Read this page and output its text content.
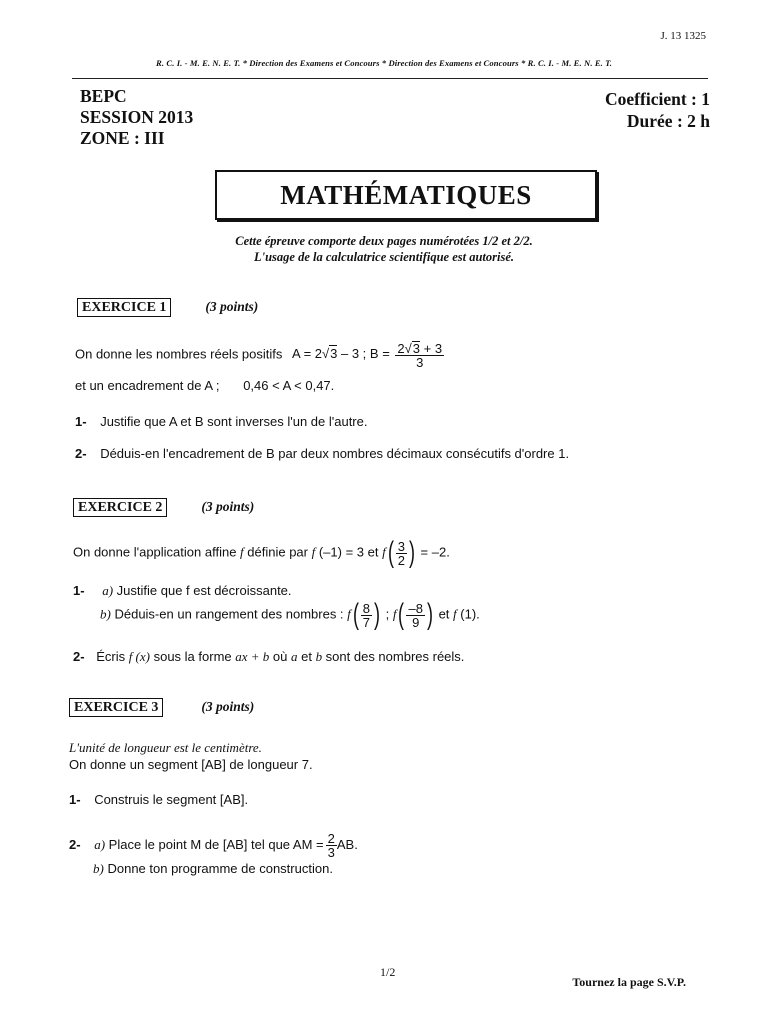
J. 13 1325
R. C. I. - M. E. N. E. T. * Direction des Examens et Concours * Direction des Examens et Concours * R. C. I. - M. E. N. E. T.
BEPC
SESSION 2013
ZONE : III
Coefficient : 1
Durée : 2 h
MATHÉMATIQUES
Cette épreuve comporte deux pages numérotées 1/2 et 2/2.
L'usage de la calculatrice scientifique est autorisé.
EXERCICE 1	(3 points)
On donne les nombres réels positifs A = 2√3 – 3 ; $B = \frac{2√3 + 3}{3}$
et un encadrement de A ; 0,46 < A < 0,47.
1- Justifie que A et B sont inverses l'un de l'autre.
2- Déduis-en l'encadrement de B par deux nombres décimaux consécutifs d'ordre 1.
EXERCICE 2	(3 points)
On donne l'application affine f définie par f (–1) = 3 et $f( \frac{3}{2}$ ) = –2.
1- a) Justifie que f est décroissante.
b) Déduis-en un rangement des nombres : $f( \frac{8}{7}$ ) ; $f( \frac{-8}{9}$ ) et f (1).
2- Écris f (x) sous la forme ax + b où a et b sont des nombres réels.
EXERCICE 3	(3 points)
L'unité de longueur est le centimètre.
On donne un segment [AB] de longueur 7.
1- Construis le segment [AB].
2- a) Place le point M de [AB] tel que AM = $\frac{2}{3}$ AB.
b) Donne ton programme de construction.
1/2
Tournez la page S.V.P.
